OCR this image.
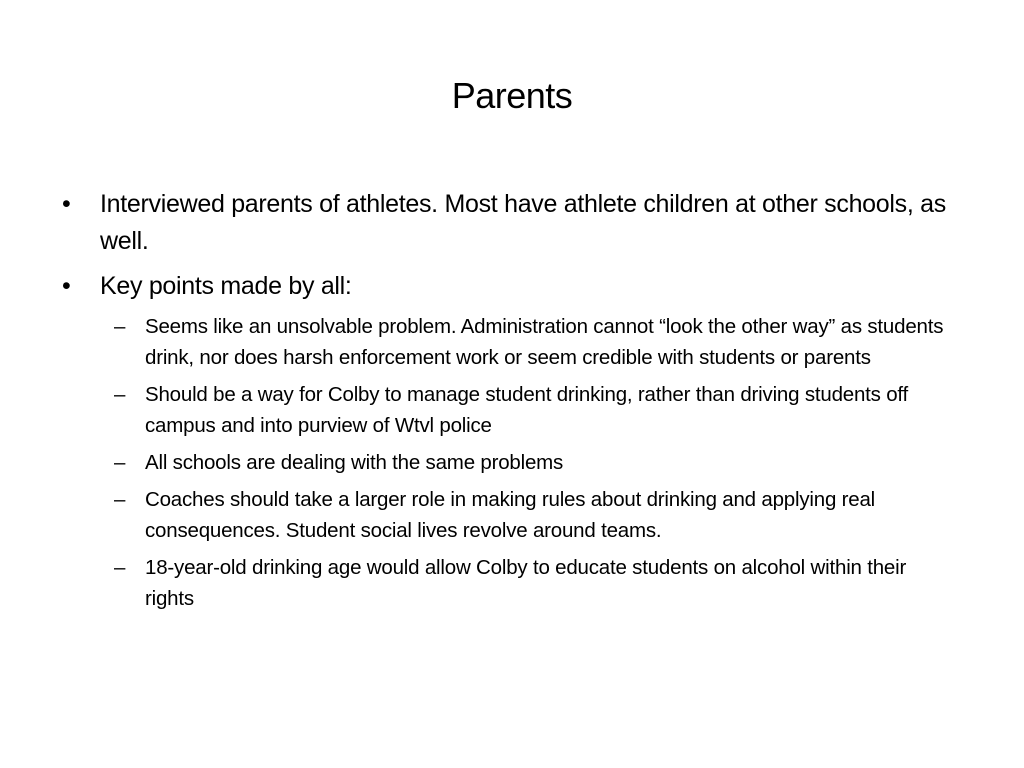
Parents
• Interviewed parents of athletes. Most have athlete children at other schools, as well.
• Key points made by all:
– Seems like an unsolvable problem. Administration cannot “look the other way” as students drink, nor does harsh enforcement work or seem credible with students or parents
– Should be a way for Colby to manage student drinking, rather than driving students off campus and into purview of Wtvl police
– All schools are dealing with the same problems
– Coaches should take a larger role in making rules about drinking and applying real consequences. Student social lives revolve around teams.
– 18-year-old drinking age would allow Colby to educate students on alcohol within their rights
